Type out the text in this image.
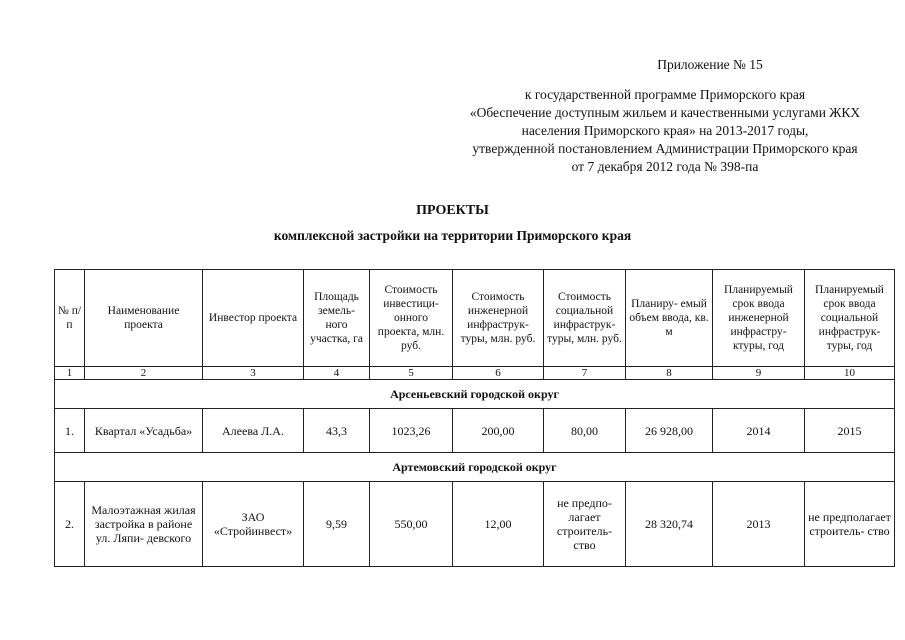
Приложение № 15
к государственной программе Приморского края
«Обеспечение доступным жильем и качественными услугами ЖКХ
населения Приморского края» на 2013-2017 годы,
утвержденной постановлением Администрации Приморского края
от 7 декабря 2012 года № 398-па
ПРОЕКТЫ
комплексной застройки на территории Приморского края
№ п/п	Наименование проекта	Инвестор проекта	Площадь земель- ного участка, га	Стоимость инвестици- онного проекта, млн. руб.	Стоимость инженерной инфраструк- туры, млн. руб.	Стоимость социальной инфраструк- туры, млн. руб.	Планиру- емый объем ввода, кв. м	Планируемый срок ввода инженерной инфрастру- ктуры, год	Планируемый срок ввода социальной инфраструк- туры, год
1	2	3	4	5	6	7	8	9	10
Арсеньевский городской округ									
1.	Квартал «Усадьба»	Алеева Л.А.	43,3	1023,26	200,00	80,00	26 928,00	2014	2015
Артемовский городской округ									
2.	Малоэтажная жилая застройка в районе ул. Ляпи- девского	ЗАО «Стройинвест»	9,59	550,00	12,00	не предпо- лагает строитель- ство	28 320,74	2013	не предполагает строитель- ство
